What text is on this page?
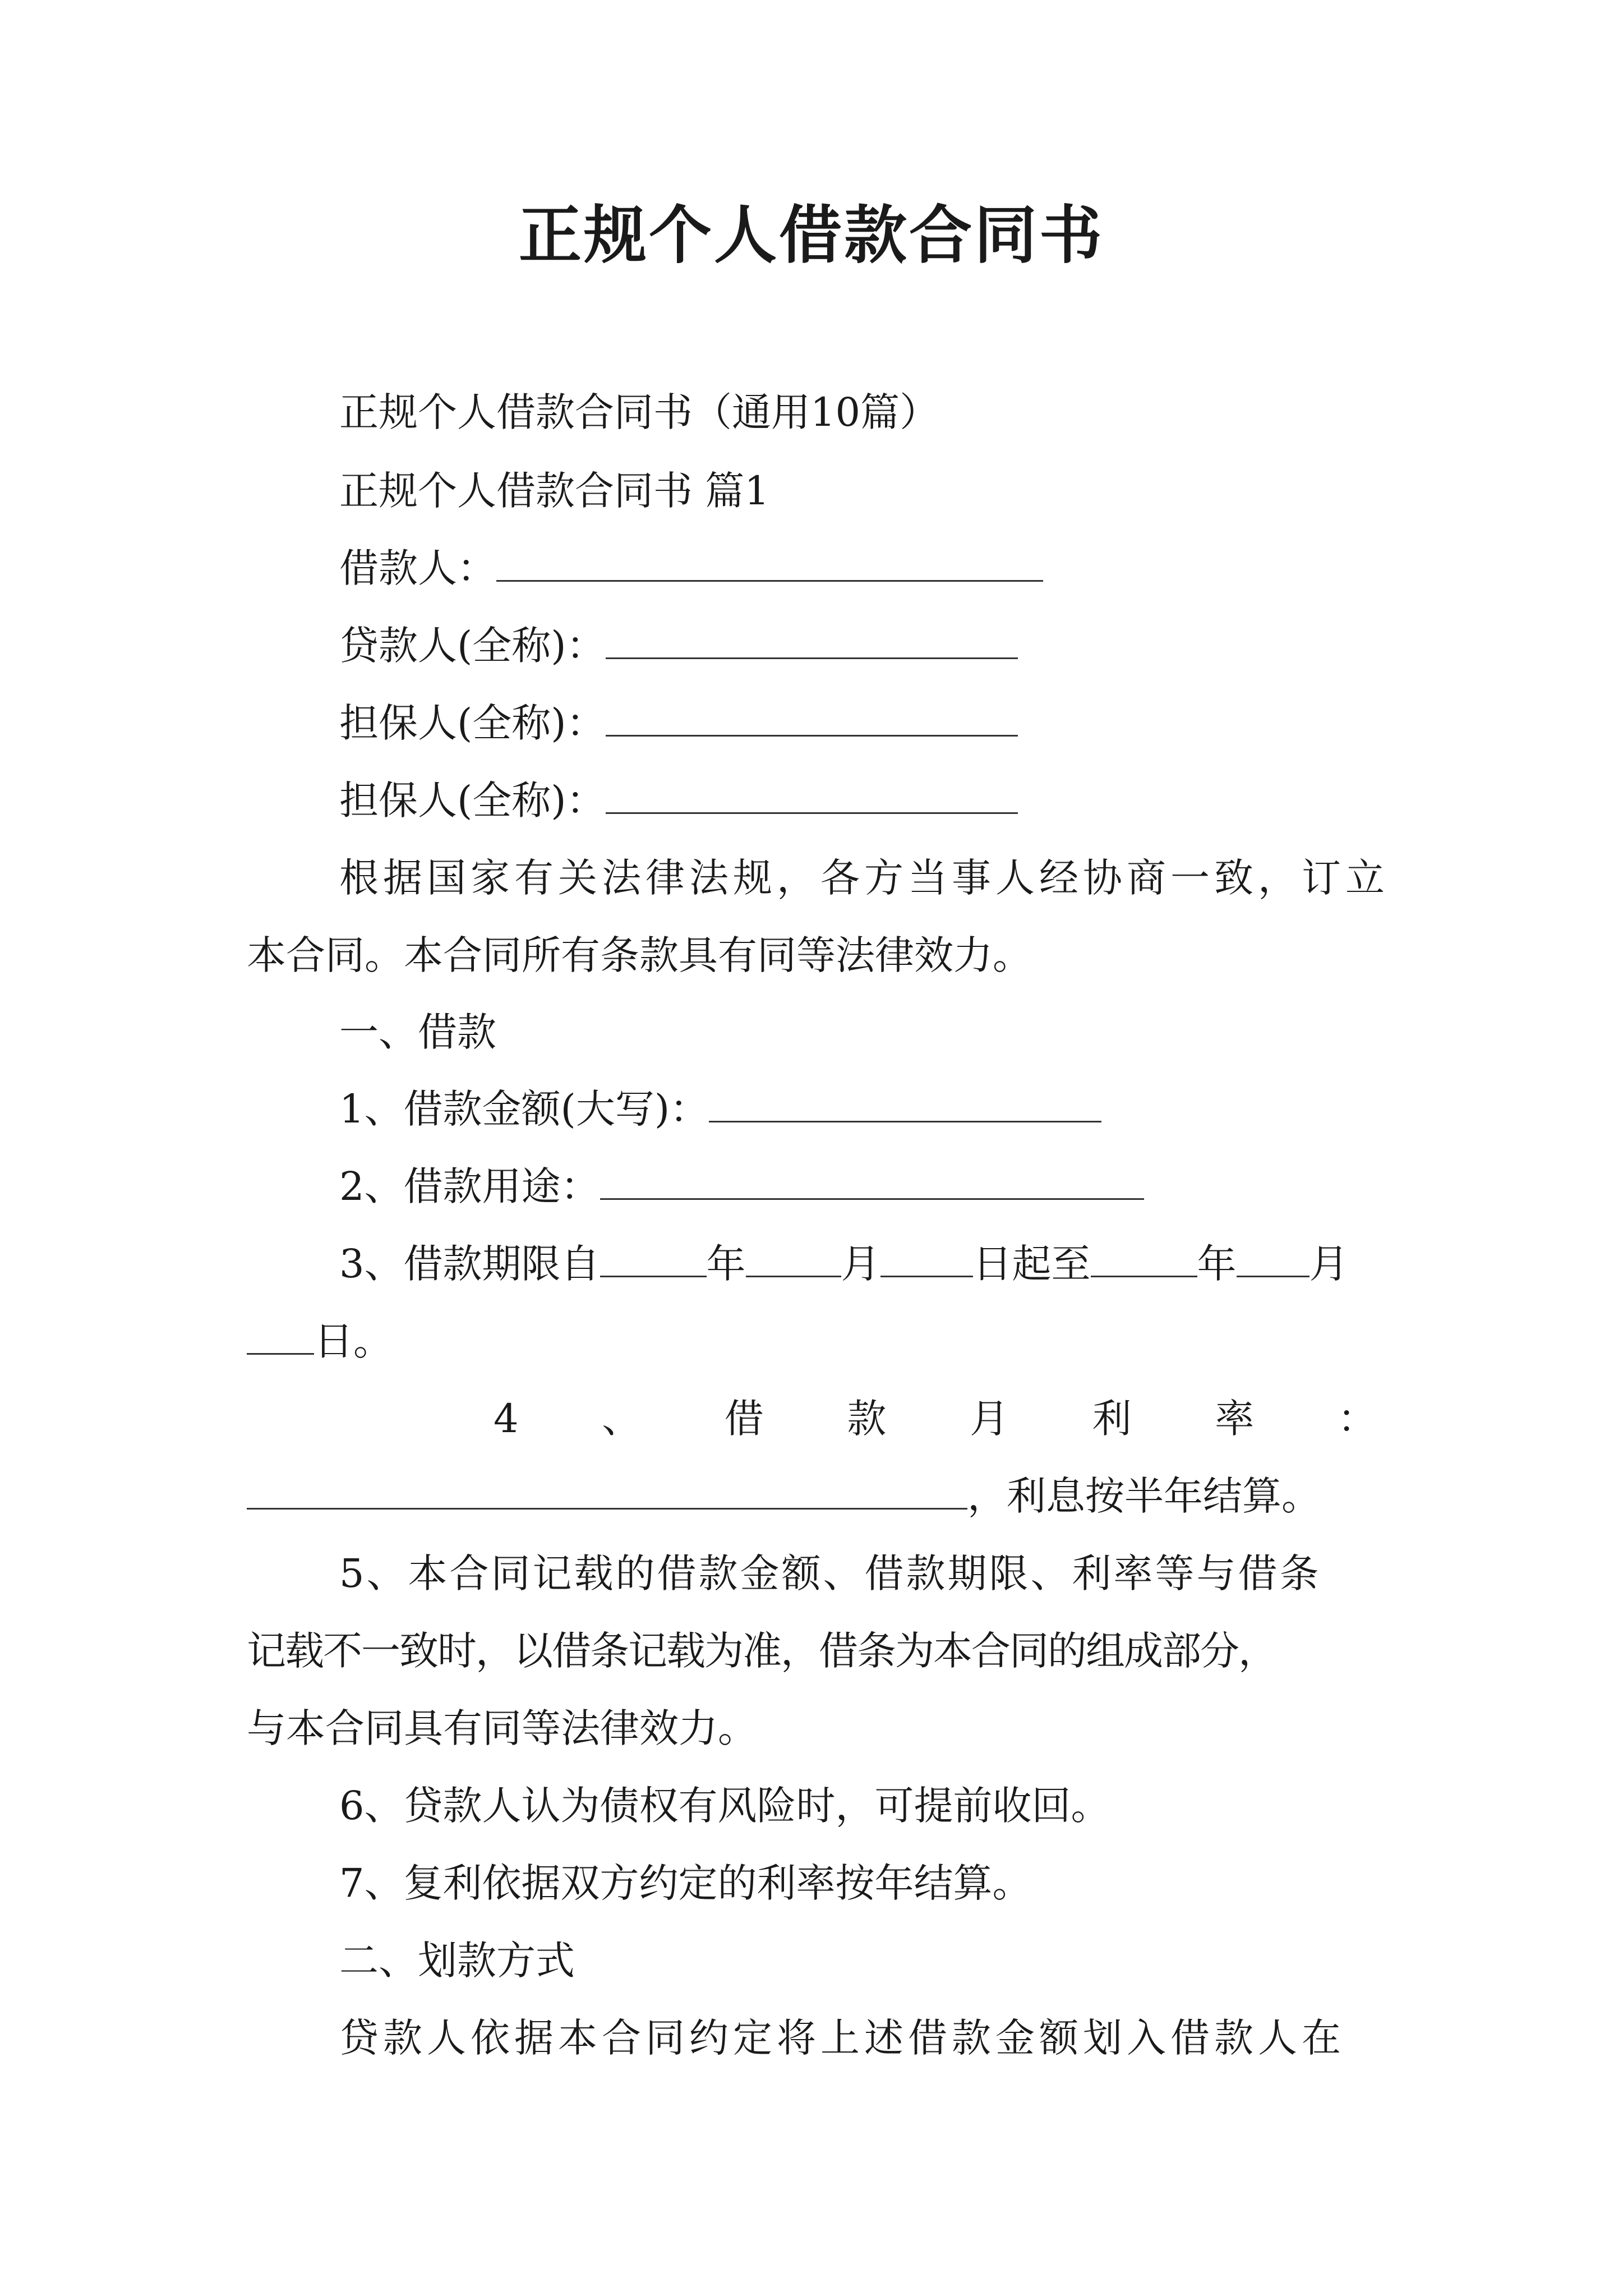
正规个人借款合同书
正规个人借款合同书（通用10篇）
正规个人借款合同书 篇1
借款人：
贷款人(全称)：
担保人(全称)：
担保人(全称)：
根据国家有关法律法规，各方当事人经协商一致，订立
本合同。本合同所有条款具有同等法律效力。
一、借款
1、借款金额(大写)：
2、借款用途：
3、借款期限自	年 月 日起至	年 月
日。
4 、 借 款 月 利 率 ：
，利息按半年结算。
5、本合同记载的借款金额、借款期限、利率等与借条
记载不一致时，以借条记载为准，借条为本合同的组成部分，
与本合同具有同等法律效力。
6、贷款人认为债权有风险时，可提前收回。
7、复利依据双方约定的利率按年结算。
二、划款方式
贷款人依据本合同约定将上述借款金额划入借款人在
